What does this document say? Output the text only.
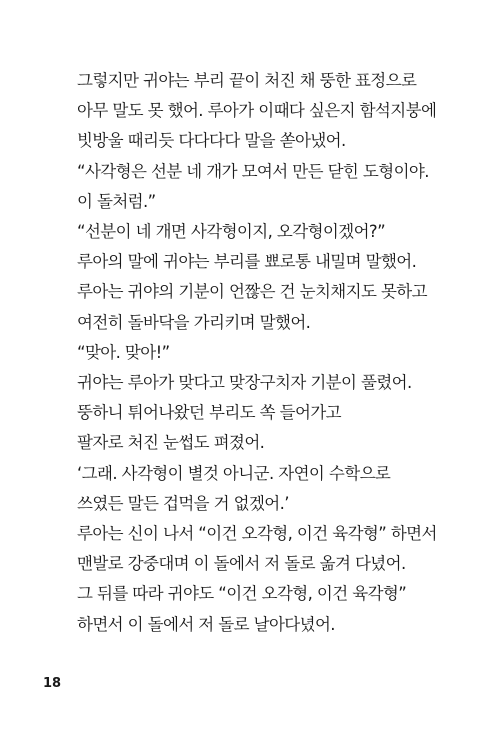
그렇지만 귀야는 부리 끝이 처진 채 뚱한 표정으로

아무 말도 못 했어. 루아가 이때다 싶은지 함석지붕에

빗방울 때리듯 다다다다 말을 쏟아냈어.

“사각형은 선분 네 개가 모여서 만든 닫힌 도형이야.

이 돌처럼.”

“선분이 네 개면 사각형이지, 오각형이겠어?”

루아의 말에 귀야는 부리를 뾰로통 내밀며 말했어.

루아는 귀야의 기분이 언짢은 건 눈치채지도 못하고

여전히 돌바닥을 가리키며 말했어.

“맞아. 맞아!”

귀야는 루아가 맞다고 맞장구치자 기분이 풀렸어.

뚱하니 튀어나왔던 부리도 쏙 들어가고

팔자로 처진 눈썹도 펴졌어.

‘그래. 사각형이 별것 아니군. 자연이 수학으로

쓰였든 말든 겁먹을 거 없겠어.’

루아는 신이 나서 “이건 오각형, 이건 육각형” 하면서

맨발로 강중대며 이 돌에서 저 돌로 옮겨 다녔어.

그 뒤를 따라 귀야도 “이건 오각형, 이건 육각형”

하면서 이 돌에서 저 돌로 날아다녔어.

18
